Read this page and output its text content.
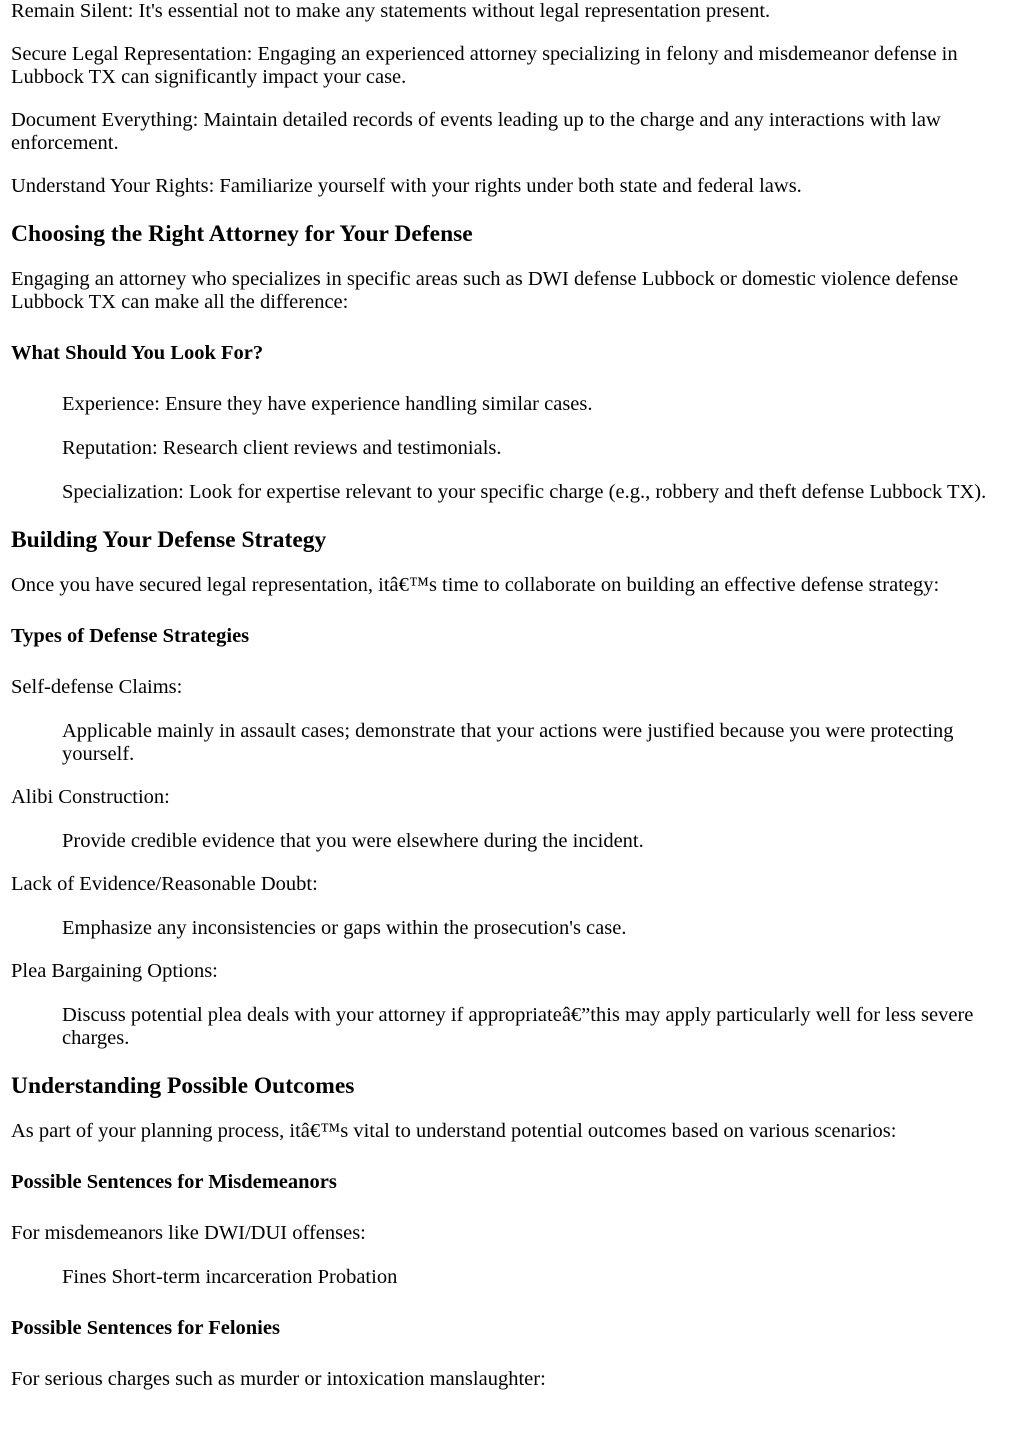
Remain Silent: It's essential not to make any statements without legal representation present.

Secure Legal Representation: Engaging an experienced attorney specializing in felony and misdemeanor defense in Lubbock TX can significantly impact your case.

Document Everything: Maintain detailed records of events leading up to the charge and any interactions with law enforcement.

Understand Your Rights: Familiarize yourself with your rights under both state and federal laws.

Choosing the Right Attorney for Your Defense

Engaging an attorney who specializes in specific areas such as DWI defense Lubbock or domestic violence defense Lubbock TX can make all the difference:

What Should You Look For?

Experience: Ensure they have experience handling similar cases.

Reputation: Research client reviews and testimonials.

Specialization: Look for expertise relevant to your specific charge (e.g., robbery and theft defense Lubbock TX).

Building Your Defense Strategy

Once you have secured legal representation, itâ€™s time to collaborate on building an effective defense strategy:

Types of Defense Strategies

Self-defense Claims:

Applicable mainly in assault cases; demonstrate that your actions were justified because you were protecting yourself.

Alibi Construction:

Provide credible evidence that you were elsewhere during the incident.

Lack of Evidence/Reasonable Doubt:

Emphasize any inconsistencies or gaps within the prosecution's case.

Plea Bargaining Options:

Discuss potential plea deals with your attorney if appropriateâ€”this may apply particularly well for less severe charges.

Understanding Possible Outcomes

As part of your planning process, itâ€™s vital to understand potential outcomes based on various scenarios:

Possible Sentences for Misdemeanors

For misdemeanors like DWI/DUI offenses:

Fines Short-term incarceration Probation

Possible Sentences for Felonies

For serious charges such as murder or intoxication manslaughter:
